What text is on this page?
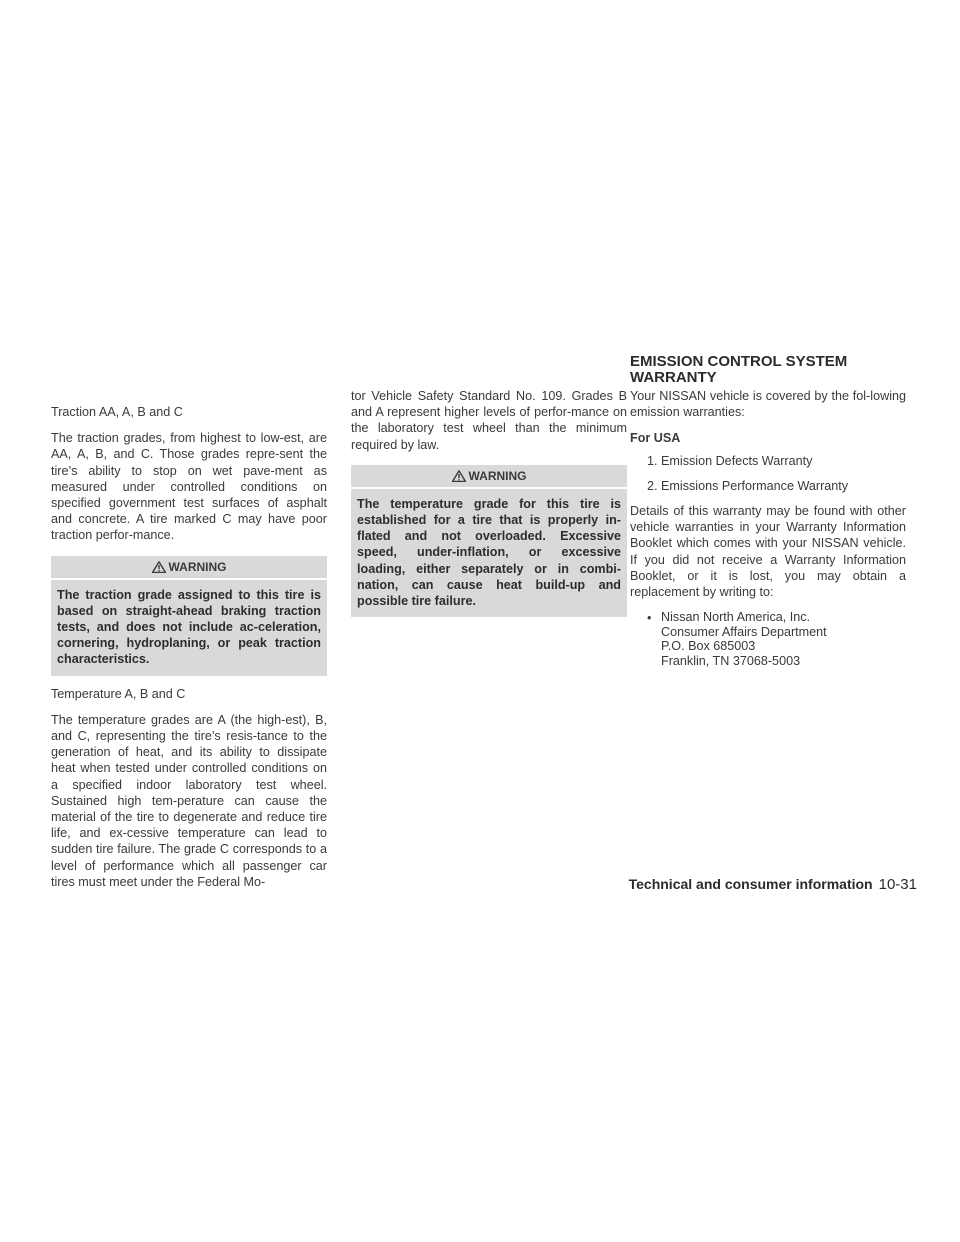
EMISSION CONTROL SYSTEM
WARRANTY

Traction AA, A, B and C

The traction grades, from highest to low-est, are AA, A, B, and C. Those grades repre-sent the tire’s ability to stop on wet pave-ment as measured under controlled conditions on specified government test surfaces of asphalt and concrete. A tire marked C may have poor traction perfor-mance.

WARNING
The traction grade assigned to this tire is based on straight-ahead braking traction tests, and does not include ac-celeration, cornering, hydroplaning, or peak traction characteristics.

Temperature A, B and C

The temperature grades are A (the high-est), B, and C, representing the tire’s resis-tance to the generation of heat, and its ability to dissipate heat when tested under controlled conditions on a specified indoor laboratory test wheel. Sustained high tem-perature can cause the material of the tire to degenerate and reduce tire life, and ex-cessive temperature can lead to sudden tire failure. The grade C corresponds to a level of performance which all passenger car tires must meet under the Federal Mo-

tor Vehicle Safety Standard No. 109. Grades B and A represent higher levels of perfor-mance on the laboratory test wheel than the minimum required by law.

WARNING
The temperature grade for this tire is established for a tire that is properly in-flated and not overloaded. Excessive speed, under-inflation, or excessive loading, either separately or in combi-nation, can cause heat build-up and possible tire failure.

Your NISSAN vehicle is covered by the fol-lowing emission warranties:

For USA
1. Emission Defects Warranty
2. Emissions Performance Warranty

Details of this warranty may be found with other vehicle warranties in your Warranty Information Booklet which comes with your NISSAN vehicle. If you did not receive a Warranty Information Booklet, or it is lost, you may obtain a replacement by writing to:

• Nissan North America, Inc.
Consumer Affairs Department
P.O. Box 685003
Franklin, TN 37068-5003
Technical and consumer information 10-31
